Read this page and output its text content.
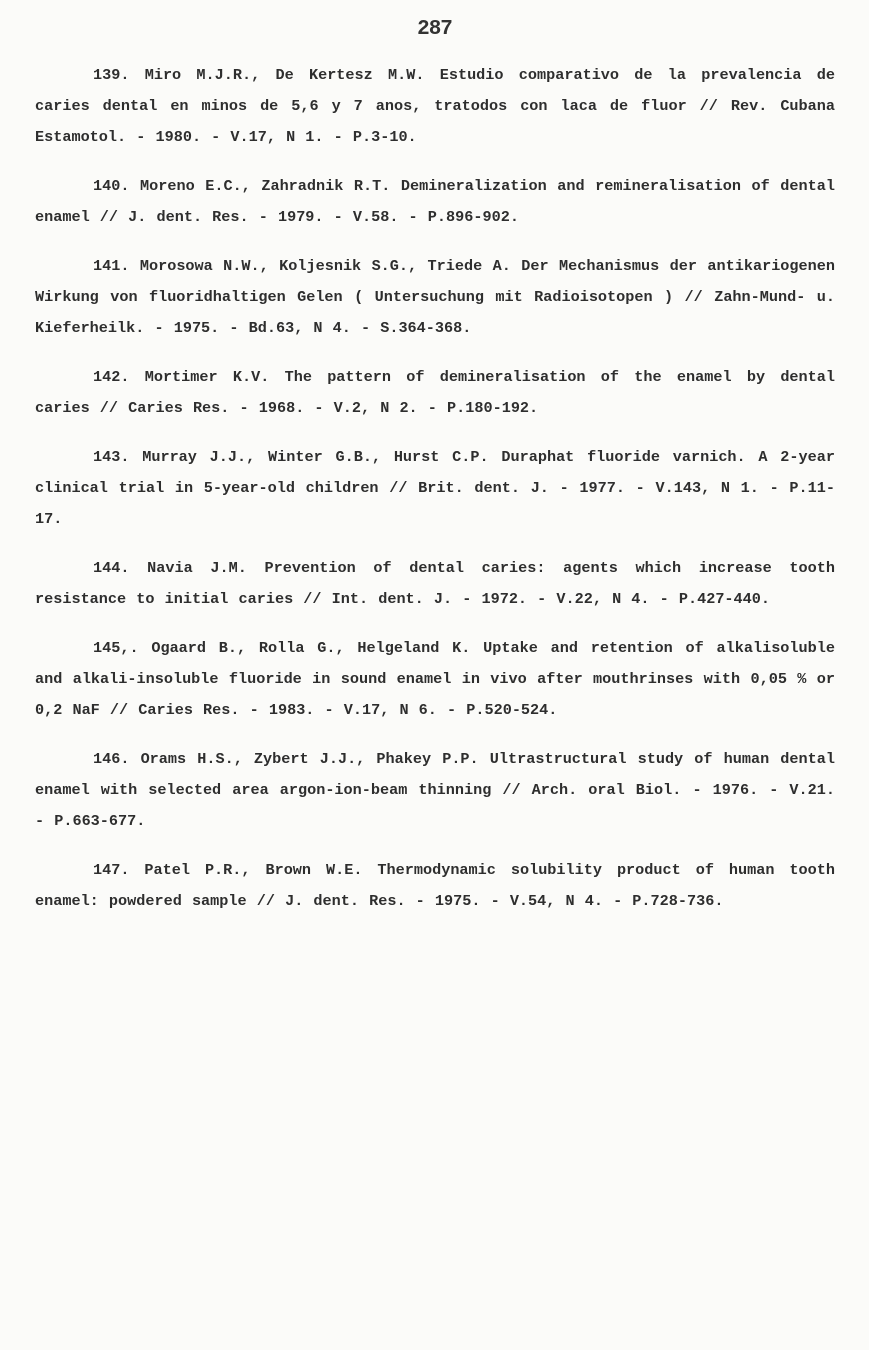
287

139. Miro M.J.R., De Kertesz M.W. Estudio comparativo de la prevalencia de caries dental en minos de 5,6 y 7 anos, tratodos con laca de fluor // Rev. Cubana Estamotol. - 1980. - V.17, N 1. - P.3-10.

140. Moreno E.C., Zahradnik R.T. Demineralization and remineralisation of dental enamel // J. dent. Res. - 1979. - V.58. - P.896-902.

141. Morosowa N.W., Koljesnik S.G., Triede A. Der Mechanismus der antikariogenen Wirkung von fluoridhaltigen Gelen ( Untersuchung mit Radioisotopen ) // Zahn-Mund- u. Kieferheilk. - 1975. - Bd.63, N 4. - S.364-368.

142. Mortimer K.V. The pattern of demineralisation of the enamel by dental caries // Caries Res. - 1968. - V.2, N 2. - P.180-192.

143. Murray J.J., Winter G.B., Hurst C.P. Duraphat fluoride varnich. A 2-year clinical trial in 5-year-old children // Brit. dent. J. - 1977. - V.143, N 1. - P.11-17.

144. Navia J.M. Prevention of dental caries: agents which increase tooth resistance to initial caries // Int. dent. J. - 1972. - V.22, N 4. - P.427-440.

145,. Ogaard B., Rolla G., Helgeland K. Uptake and retention of alkalisoluble and alkali-insoluble fluoride in sound enamel in vivo after mouthrinses with 0,05 % or 0,2 NaF // Caries Res. - 1983. - V.17, N 6. - P.520-524.

146. Orams H.S., Zybert J.J., Phakey P.P. Ultrastructural study of human dental enamel with selected area argon-ion-beam thinning // Arch. oral Biol. - 1976. - V.21. - P.663-677.

147. Patel P.R., Brown W.E. Thermodynamic solubility product of human tooth enamel: powdered sample // J. dent. Res. - 1975. - V.54, N 4. - P.728-736.
